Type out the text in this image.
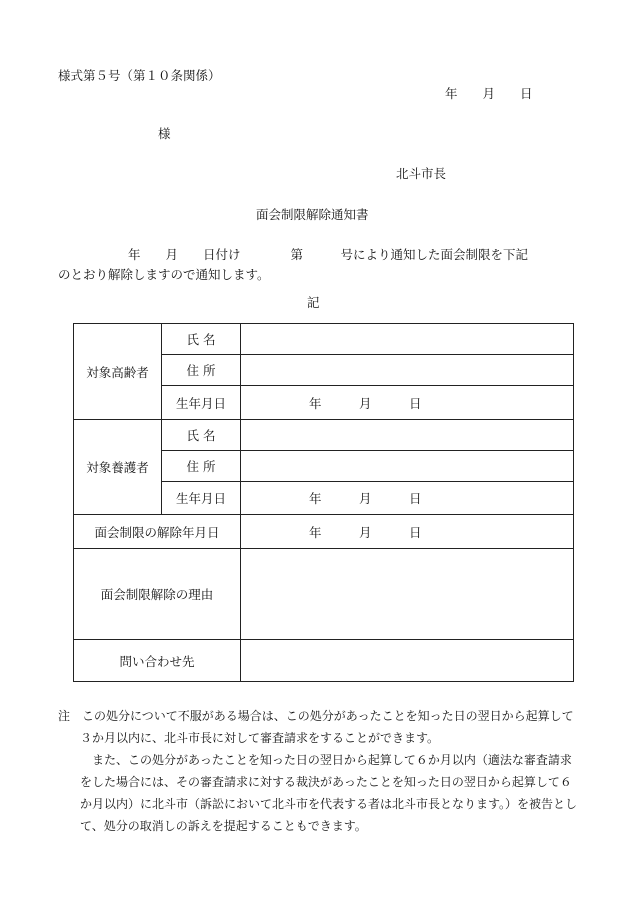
様式第５号（第１０条関係）
年　　月　　日
様
北斗市長
面会制限解除通知書
年　　月　　日付け　　　　第　　　号により通知した面会制限を下記
のとおり解除しますので通知します。
記
対象高齢者	氏 名	
	住 所	
	生年月日	年　　　月　　　日
対象養護者	氏 名	
	住 所	
	生年月日	年　　　月　　　日
面会制限の解除年月日		年　　　月　　　日
面会制限解除の理由		
問い合わせ先		

注　この処分について不服がある場合は、この処分があったことを知った日の翌日から起算して３か月以内に、北斗市長に対して審査請求をすることができます。

また、この処分があったことを知った日の翌日から起算して６か月以内（適法な審査請求をした場合には、その審査請求に対する裁決があったことを知った日の翌日から起算して６か月以内）に北斗市（訴訟において北斗市を代表する者は北斗市長となります。）を被告として、処分の取消しの訴えを提起することもできます。
